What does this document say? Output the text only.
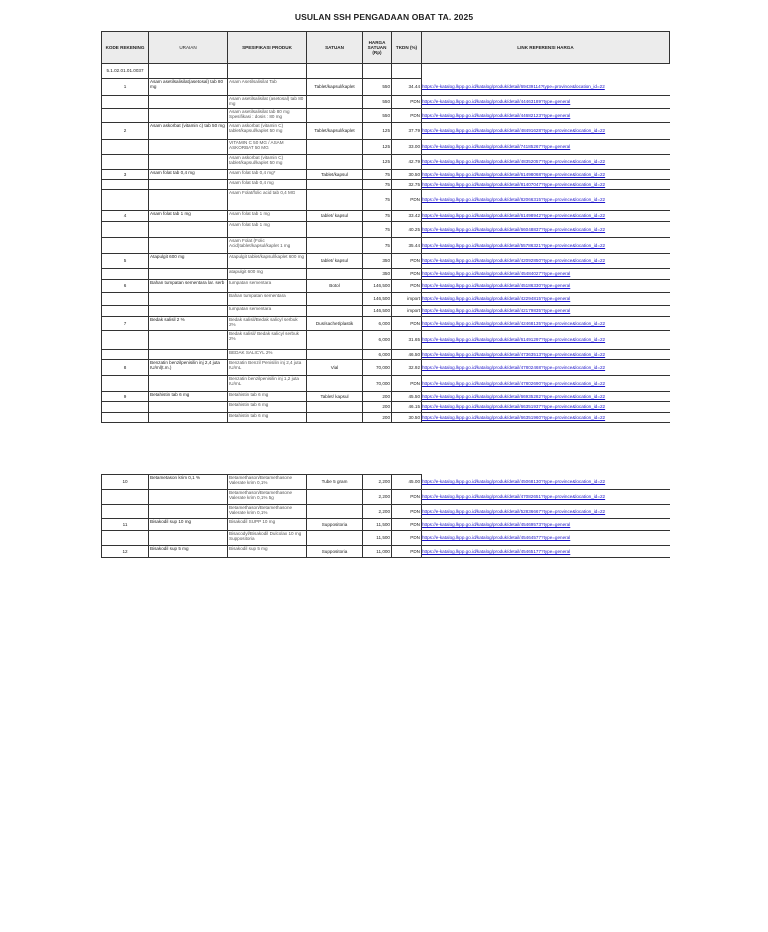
USULAN SSH PENGADAAN OBAT TA. 2025
KODE REKENING	URAIAN	SPESIFIKASI PRODUK	SATUAN	HARGA SATUAN (Rp)	TKDN (%)	LINK REFERENSI HARGA
5.1.02.01.01.0037						
1	Asam asetilsalisilat(asetosal) tab 80 mg	Asam Asetilsalisilat Tab	Tablet/kapsul/kaplet	550	34.44	https://e-katalog.lkpp.go.id/katalog/produk/detail/69439114?type=province&location_id=22

		Asam asetilsalisilat (asetosal) tab 80 mg		550	PDN	https://e-katalog.lkpp.go.id/katalog/produk/detail/44463189?type=general

		Asam asetilsalisilat tab 80 mg Spesifikasi : dosis : 80 mg		550	PDN	https://e-katalog.lkpp.go.id/katalog/produk/detail/44682123?type=general

2	Asam askorbat (vitamin c) tab 50 mg	Asam askorbat (vitamin C) tablet/kapsul/kaplet 50 mg	Tablet/kapsul/kaplet	125	37.79	https://e-katalog.lkpp.go.id/katalog/produk/detail/48491628?type=province&location_id=22

		VITAMIN C 50 MG / ASAM ASKORBAT 50 MG		125	33.00	https://e-katalog.lkpp.go.id/katalog/produk/detail/74185267?type=general

		Asam askorbat (vitamin C) tablet/kapsul/kaplet 50 mg		125	42.79	https://e-katalog.lkpp.go.id/katalog/produk/detail/48352057?type=province&location_id=22

3	Asam folat tab 0,4 mg	Asam folat tab 0,4 mg*	Tablet/kapsul	75	30.50	https://e-katalog.lkpp.go.id/katalog/produk/detail/61498068?type=province&location_id=22

		Asam folat tab 0,4 mg		75	32.75	https://e-katalog.lkpp.go.id/katalog/produk/detail/81407047?type=province&location_id=22

		Asam Folat/folic acid tab 0,4 MG		75	PDN	https://e-katalog.lkpp.go.id/katalog/produk/detail/82066315?type=province&location_id=22

4	Asam folat tab 1 mg	Asam folat tab 1 mg	tablet/ kapsul	75	33.42	https://e-katalog.lkpp.go.id/katalog/produk/detail/61498942?type=province&location_id=22

		Asam folat tab 1 mg		75	40.25	https://e-katalog.lkpp.go.id/katalog/produk/detail/66048837?type=province&location_id=22

		Asam Folat (Folic Acid)tablet/kapsul/kaplet 1 mg		75	35.44	https://e-katalog.lkpp.go.id/katalog/produk/detail/55786321?type=province&location_id=22

5	Atapulgit 600 mg	Atapulgit tablet/kapsul/kaplet 600 mg	tablet/ kapsul	350	PDN	https://e-katalog.lkpp.go.id/katalog/produk/detail/42092850?type=province&location_id=22

		atapulgit 600 mg		350	PDN	https://e-katalog.lkpp.go.id/katalog/produk/detail/45484027?type=general

6	Bahan tumpatan sementara lar. serb	tumpatan sementara	Botol	146,500	PDN	https://e-katalog.lkpp.go.id/katalog/produk/detail/45186330?type=general

		Bahan tumpatan sementara		146,500	import	https://e-katalog.lkpp.go.id/katalog/produk/detail/42294815?type=general

		tumpatan sementara		146,500	import	https://e-katalog.lkpp.go.id/katalog/produk/detail/42179835?type=general

7	Bedak salisil 2 %	Bedak salisil/Bedak salicyl serbuk 2%	Dus/sachet/plastik	6,000	PDN	https://e-katalog.lkpp.go.id/katalog/produk/detail/42468135?type=province&location_id=22

		Bedak salisil/ Bedak salicyl serbuk 2%		6,000	31.65	https://e-katalog.lkpp.go.id/katalog/produk/detail/61491297?type=province&location_id=22

		BEDAK SALICYL 2%		6,000	46.50	https://e-katalog.lkpp.go.id/katalog/produk/detail/47363513?type=province&location_id=22

8	Benzatin benzilpenisilin inj 2,4 juta IU/ml(t.m.)	Benzatin Benzil Penisilin inj 2,4 juta IU/mL	Vial	70,000	32.92	https://e-katalog.lkpp.go.id/katalog/produk/detail/47802468?type=province&location_id=22

		Benzatin benzilpenisilin inj 1,2 juta IU/mL		70,000	PDN	https://e-katalog.lkpp.go.id/katalog/produk/detail/47802690?type=province&location_id=22

9	Betahistin tab 6 mg	Betahistin tab 6 mg	Tablet/ kapsul	200	45.50	https://e-katalog.lkpp.go.id/katalog/produk/detail/66935282?type=province&location_id=22

		Betahistin tab 6 mg		200	46.15	https://e-katalog.lkpp.go.id/katalog/produk/detail/66351937?type=province&location_id=22

		Betahistin tab 6 mg		200	30.50	https://e-katalog.lkpp.go.id/katalog/produk/detail/66351960?type=province&location_id=22
10	Betametason krim 0,1 %	Betamethason/Betamethasone Valerate krim 0,1%	Tube 5 gram	2,200	45.00	https://e-katalog.lkpp.go.id/katalog/produk/detail/45068130?type=province&location_id=22

		Betamethason/Betamethasone Valerate krim 0,1% 5g		2,200	PDN	https://e-katalog.lkpp.go.id/katalog/produk/detail/47082651?type=province&location_id=22

		Betamethason/Betamethasone Valerate krim 0,1%		2,200	PDN	https://e-katalog.lkpp.go.id/katalog/produk/detail/52836667?type=province&location_id=22

11	Bisakodil sup 10 mg	Bisakodil SUPP 10 mg	Suppositoria	11,500	PDN	https://e-katalog.lkpp.go.id/katalog/produk/detail/45469573?type=general

		Bisacodyl/Bisakodil Dulcolax 10 mg Suppositoria		11,500	PDN	https://e-katalog.lkpp.go.id/katalog/produk/detail/45464577?type=general

12	Bisakodil sup 5 mg	Bisakodil sup 5 mg	Suppositoria	11,000	PDN	https://e-katalog.lkpp.go.id/katalog/produk/detail/45465177?type=general
